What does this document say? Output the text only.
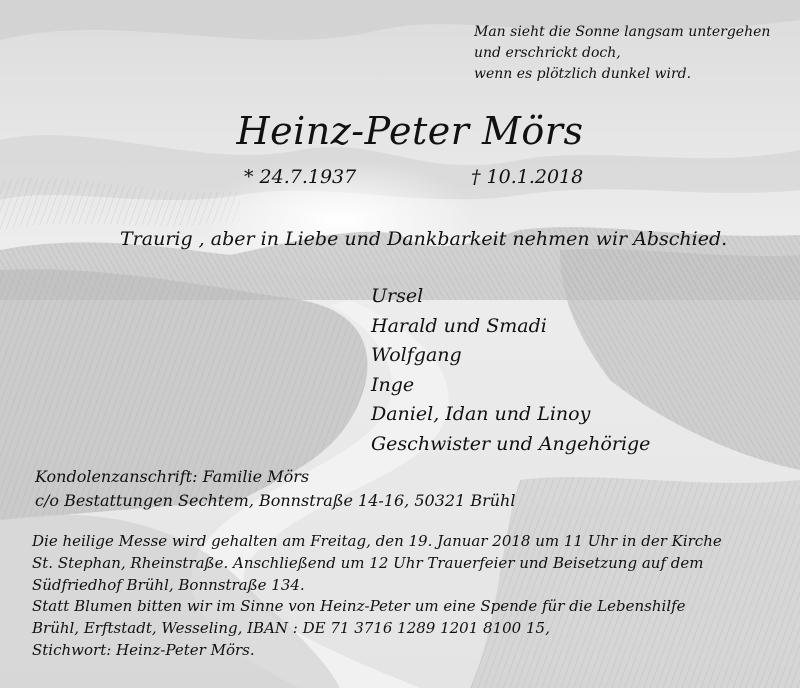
Man sieht die Sonne langsam untergehen
und erschrickt doch,
wenn es plötzlich dunkel wird.
Heinz-Peter Mörs
* 24.7.1937	† 10.1.2018
Traurig , aber in Liebe und Dankbarkeit nehmen wir Abschied.
Ursel
Harald und Smadi
Wolfgang
Inge
Daniel, Idan und Linoy
Geschwister und Angehörige
Kondolenzanschrift: Familie Mörs
c/o Bestattungen Sechtem, Bonnstraße 14-16, 50321 Brühl
Die heilige Messe wird gehalten am Freitag, den 19. Januar 2018 um 11 Uhr in der Kirche
St. Stephan, Rheinstraße. Anschließend um 12 Uhr Trauerfeier und Beisetzung auf dem
Südfriedhof Brühl, Bonnstraße 134.
Statt Blumen bitten wir im Sinne von Heinz-Peter um eine Spende für die Lebenshilfe
Brühl, Erftstadt, Wesseling, IBAN : DE 71 3716 1289 1201 8100 15,
Stichwort: Heinz-Peter Mörs.
